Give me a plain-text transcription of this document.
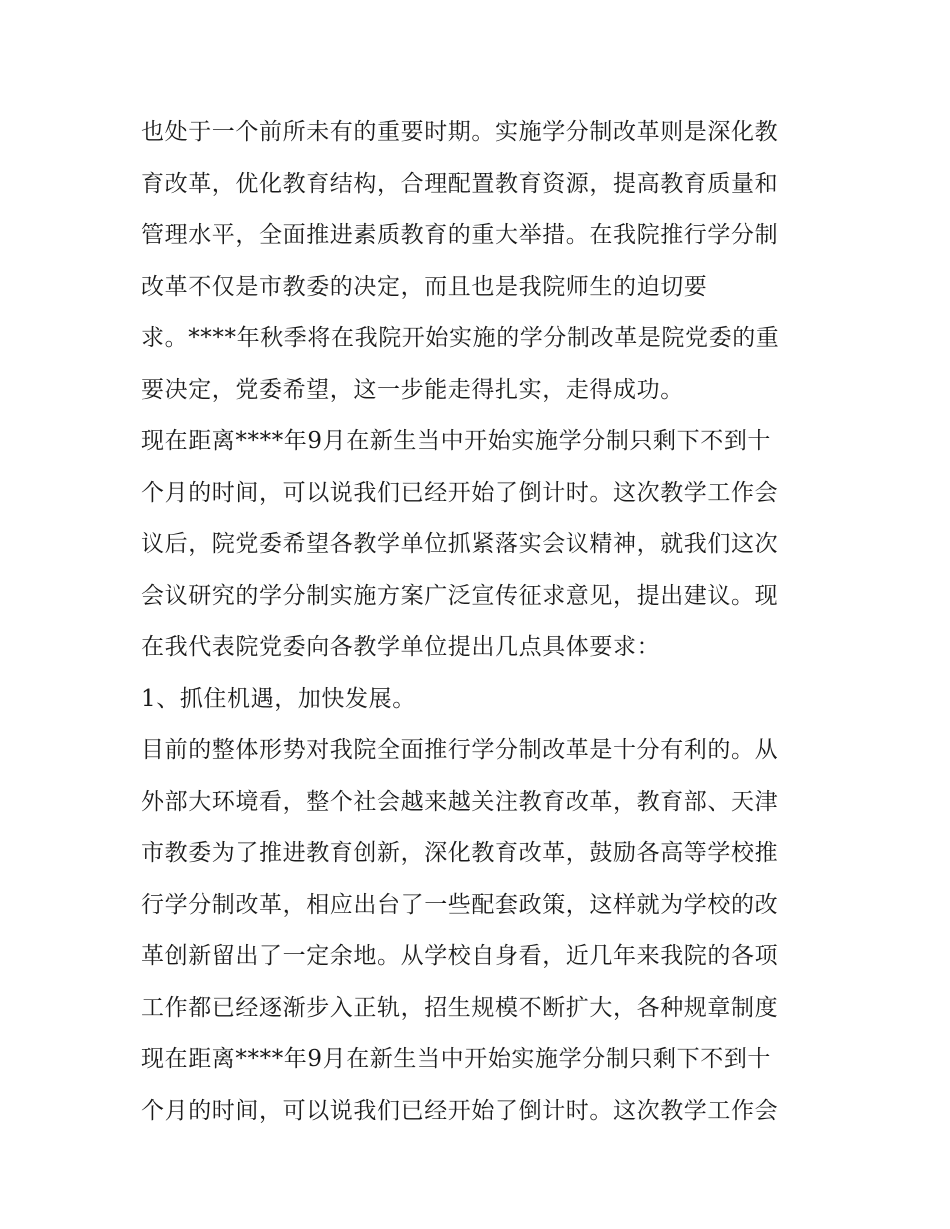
也处于一个前所未有的重要时期。实施学分制改革则是深化教
育改革，优化教育结构，合理配置教育资源，提高教育质量和
管理水平，全面推进素质教育的重大举措。在我院推行学分制
改革不仅是市教委的决定，而且也是我院师生的迫切要
求。****年秋季将在我院开始实施的学分制改革是院党委的重
要决定，党委希望，这一步能走得扎实，走得成功。
现在距离****年9月在新生当中开始实施学分制只剩下不到十
个月的时间，可以说我们已经开始了倒计时。这次教学工作会
议后，院党委希望各教学单位抓紧落实会议精神，就我们这次
会议研究的学分制实施方案广泛宣传征求意见，提出建议。现
在我代表院党委向各教学单位提出几点具体要求：
1、抓住机遇，加快发展。
目前的整体形势对我院全面推行学分制改革是十分有利的。从
外部大环境看，整个社会越来越关注教育改革，教育部、天津
市教委为了推进教育创新，深化教育改革，鼓励各高等学校推
行学分制改革，相应出台了一些配套政策，这样就为学校的改
革创新留出了一定余地。从学校自身看，近几年来我院的各项
工作都已经逐渐步入正轨，招生规模不断扩大，各种规章制度
现在距离****年9月在新生当中开始实施学分制只剩下不到十
个月的时间，可以说我们已经开始了倒计时。这次教学工作会
